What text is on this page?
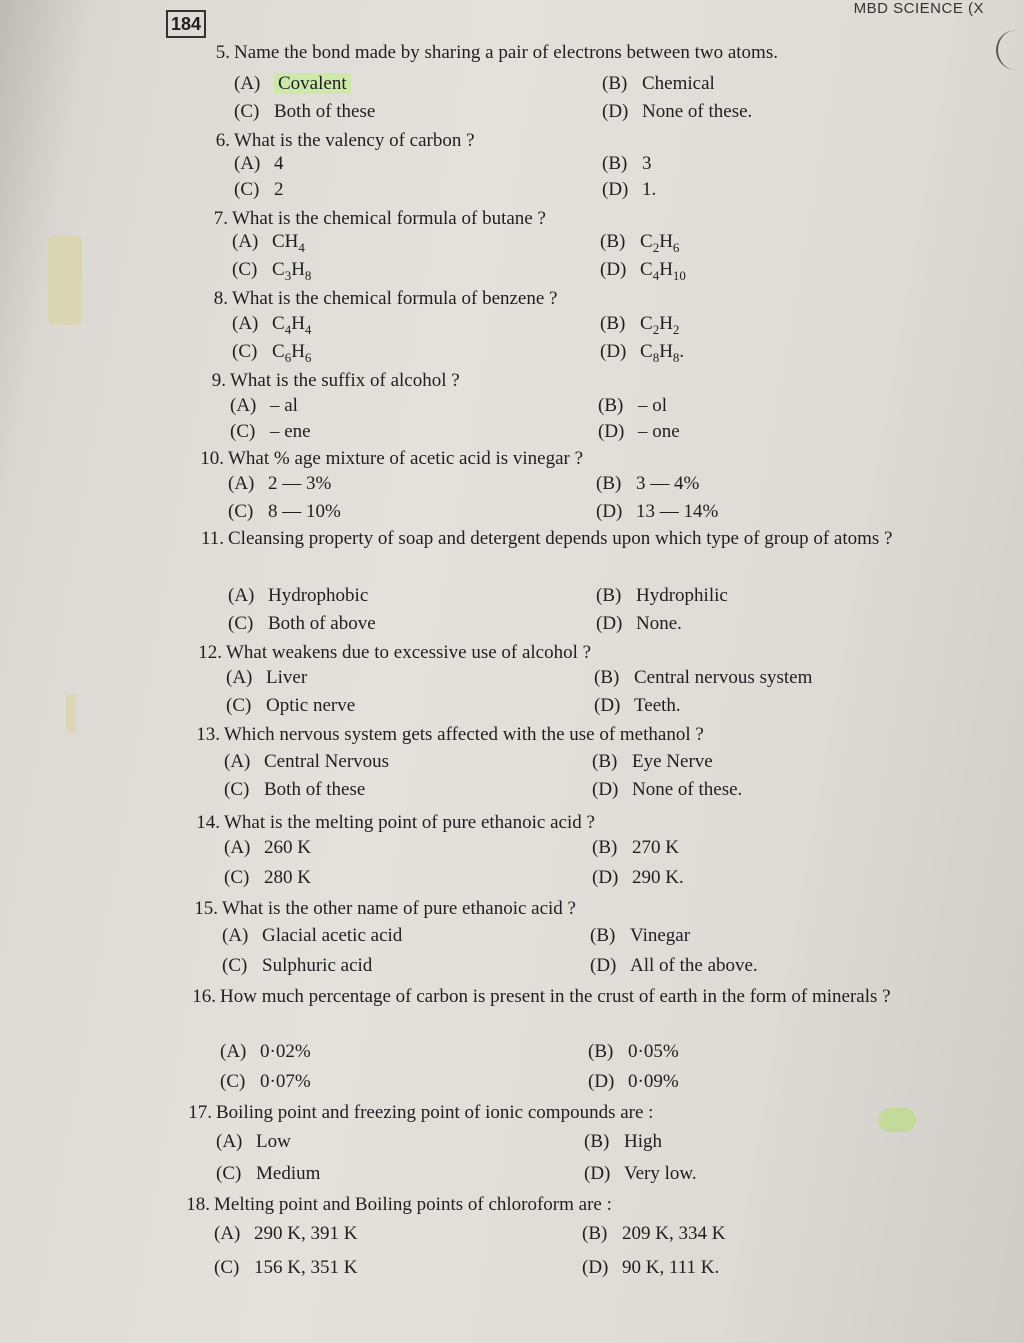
184
MBD SCIENCE (X
5. Name the bond made by sharing a pair of electrons between two atoms.
(A) Covalent	(B) Chemical
(C) Both of these	(D) None of these.
6. What is the valency of carbon ?
(A) 4	(B) 3
(C) 2	(D) 1.
7. What is the chemical formula of butane ?
(A) $CH_4$	(B) $C_2H_6$
(C) $C_3H_8$	(D) $C_4H_{10}$
8. What is the chemical formula of benzene ?
(A) $C_4H_4$	(B) $C_2H_2$
(C) $C_6H_6$	(D) $C_8H_8$.
9. What is the suffix of alcohol ?
(A) – al	(B) – ol
(C) – ene	(D) – one
10. What % age mixture of acetic acid is vinegar ?
(A) 2 — 3%	(B) 3 — 4%
(C) 8 — 10%	(D) 13 — 14%
11. Cleansing property of soap and detergent depends upon which type of group of atoms ?
(A) Hydrophobic	(B) Hydrophilic
(C) Both of above	(D) None.
12. What weakens due to excessive use of alcohol ?
(A) Liver	(B) Central nervous system
(C) Optic nerve	(D) Teeth.
13. Which nervous system gets affected with the use of methanol ?
(A) Central Nervous	(B) Eye Nerve
(C) Both of these	(D) None of these.
14. What is the melting point of pure ethanoic acid ?
(A) 260 K	(B) 270 K
(C) 280 K	(D) 290 K.
15. What is the other name of pure ethanoic acid ?
(A) Glacial acetic acid	(B) Vinegar
(C) Sulphuric acid	(D) All of the above.
16. How much percentage of carbon is present in the crust of earth in the form of minerals ?
(A) 0·02%	(B) 0·05%
(C) 0·07%	(D) 0·09%
17. Boiling point and freezing point of ionic compounds are :
(A) Low	(B) High
(C) Medium	(D) Very low.
18. Melting point and Boiling points of chloroform are :
(A) 290 K, 391 K	(B) 209 K, 334 K
(C) 156 K, 351 K	(D) 90 K, 111 K.
